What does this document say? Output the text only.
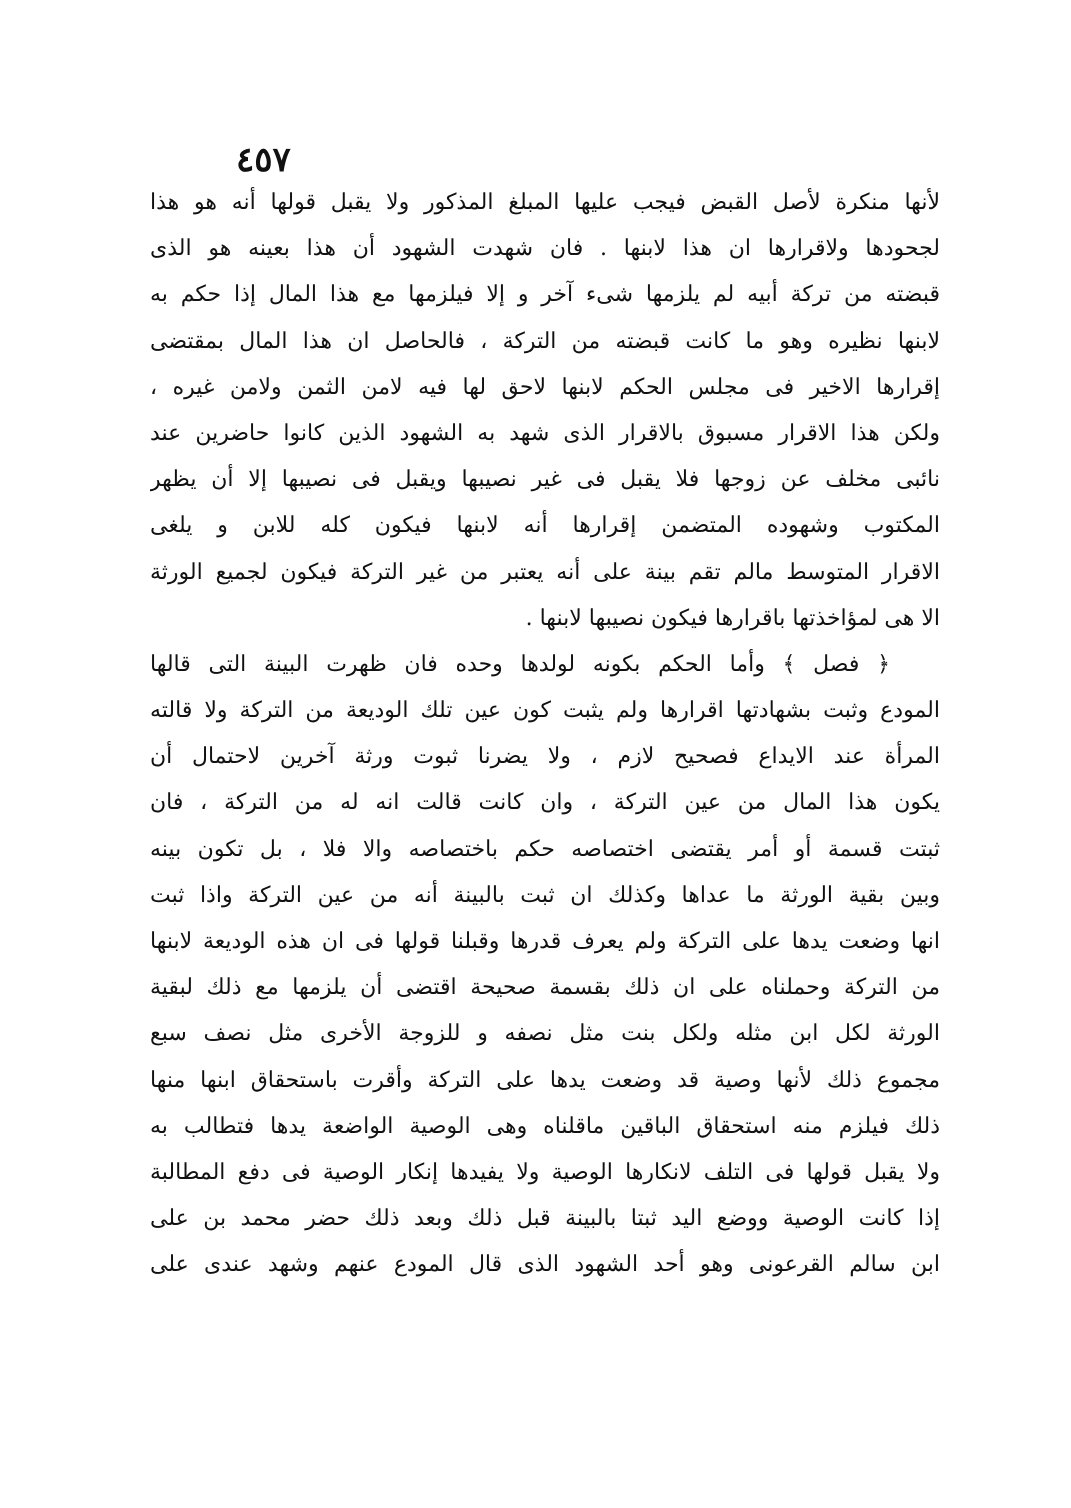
٤٥٧
لأنها منكرة لأصل القبض فيجب عليها المبلغ المذكور ولا يقبل قولها أنه هو هذا
لجحودها ولاقرارها ان هذا لابنها . فان شهدت الشهود أن هذا بعينه هو الذى
قبضته من تركة أبيه لم يلزمها شىء آخر و إلا فيلزمها مع هذا المال إذا حكم به
لابنها نظيره وهو ما كانت قبضته من التركة ، فالحاصل ان هذا المال بمقتضى
إقرارها الاخير فى مجلس الحكم لابنها لاحق لها فيه لامن الثمن ولامن غيره ،
ولكن هذا الاقرار مسبوق بالاقرار الذى شهد به الشهود الذين كانوا حاضرين عند
نائبى مخلف عن زوجها فلا يقبل فى غير نصيبها ويقبل فى نصيبها إلا أن يظهر
المكتوب وشهوده المتضمن إقرارها أنه لابنها فيكون كله للابن و يلغى
الاقرار المتوسط مالم تقم بينة على أنه يعتبر من غير التركة فيكون لجميع الورثة
الا هى لمؤاخذتها باقرارها فيكون نصيبها لابنها .
﴿ فصل ﴾ وأما الحكم بكونه لولدها وحده فان ظهرت البينة التى قالها
المودع وثبت بشهادتها اقرارها ولم يثبت كون عين تلك الوديعة من التركة ولا قالته
المرأة عند الايداع فصحيح لازم ، ولا يضرنا ثبوت ورثة آخرين لاحتمال أن
يكون هذا المال من عين التركة ، وان كانت قالت انه له من التركة ، فان
ثبتت قسمة أو أمر يقتضى اختصاصه حكم باختصاصه والا فلا ، بل تكون بينه
وبين بقية الورثة ما عداها وكذلك ان ثبت بالبينة أنه من عين التركة واذا ثبت
انها وضعت يدها على التركة ولم يعرف قدرها وقبلنا قولها فى ان هذه الوديعة لابنها
من التركة وحملناه على ان ذلك بقسمة صحيحة اقتضى أن يلزمها مع ذلك لبقية
الورثة لكل ابن مثله ولكل بنت مثل نصفه و للزوجة الأخرى مثل نصف سبع
مجموع ذلك لأنها وصية قد وضعت يدها على التركة وأقرت باستحقاق ابنها منها
ذلك فيلزم منه استحقاق الباقين ماقلناه وهى الوصية الواضعة يدها فتطالب به
ولا يقبل قولها فى التلف لانكارها الوصية ولا يفيدها إنكار الوصية فى دفع المطالبة
إذا كانت الوصية ووضع اليد ثبتا بالبينة قبل ذلك وبعد ذلك حضر محمد بن على
ابن سالم القرعونى وهو أحد الشهود الذى قال المودع عنهم وشهد عندى على
